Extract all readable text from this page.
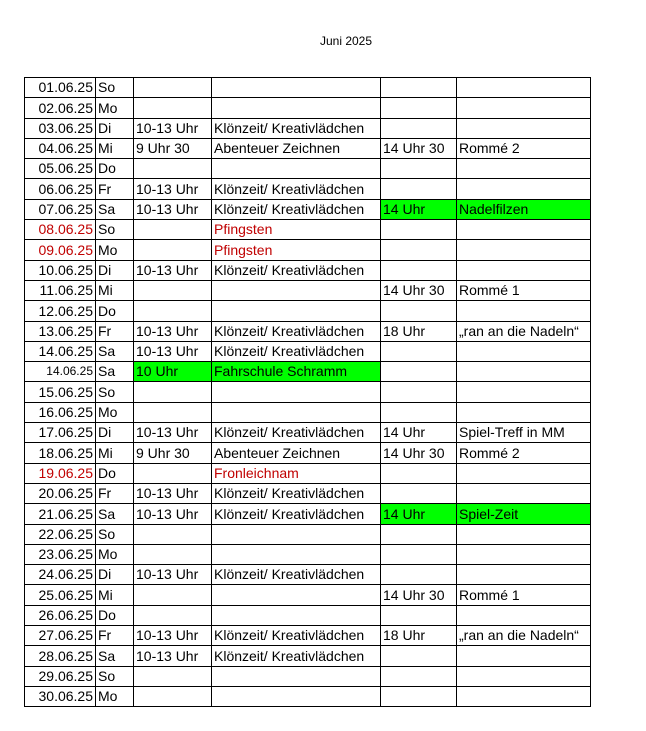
Juni 2025
01.06.25	So				
02.06.25	Mo				
03.06.25	Di	10-13 Uhr	Klönzeit/ Kreativlädchen		
04.06.25	Mi	9 Uhr 30	Abenteuer Zeichnen	14 Uhr 30	Rommé 2
05.06.25	Do				
06.06.25	Fr	10-13 Uhr	Klönzeit/ Kreativlädchen		
07.06.25	Sa	10-13 Uhr	Klönzeit/ Kreativlädchen	14 Uhr	Nadelfilzen
08.06.25	So		Pfingsten		
09.06.25	Mo		Pfingsten		
10.06.25	Di	10-13 Uhr	Klönzeit/ Kreativlädchen		
11.06.25	Mi			14 Uhr 30	Rommé 1
12.06.25	Do				
13.06.25	Fr	10-13 Uhr	Klönzeit/ Kreativlädchen	18 Uhr	„ran an die Nadeln“
14.06.25	Sa	10-13 Uhr	Klönzeit/ Kreativlädchen		
14.06.25	Sa	10 Uhr	Fahrschule Schramm		
15.06.25	So				
16.06.25	Mo				
17.06.25	Di	10-13 Uhr	Klönzeit/ Kreativlädchen	14 Uhr	Spiel-Treff in MM
18.06.25	Mi	9 Uhr 30	Abenteuer Zeichnen	14 Uhr 30	Rommé 2
19.06.25	Do		Fronleichnam		
20.06.25	Fr	10-13 Uhr	Klönzeit/ Kreativlädchen		
21.06.25	Sa	10-13 Uhr	Klönzeit/ Kreativlädchen	14 Uhr	Spiel-Zeit
22.06.25	So				
23.06.25	Mo				
24.06.25	Di	10-13 Uhr	Klönzeit/ Kreativlädchen		
25.06.25	Mi			14 Uhr 30	Rommé 1
26.06.25	Do				
27.06.25	Fr	10-13 Uhr	Klönzeit/ Kreativlädchen	18 Uhr	„ran an die Nadeln“
28.06.25	Sa	10-13 Uhr	Klönzeit/ Kreativlädchen		
29.06.25	So				
30.06.25	Mo				
